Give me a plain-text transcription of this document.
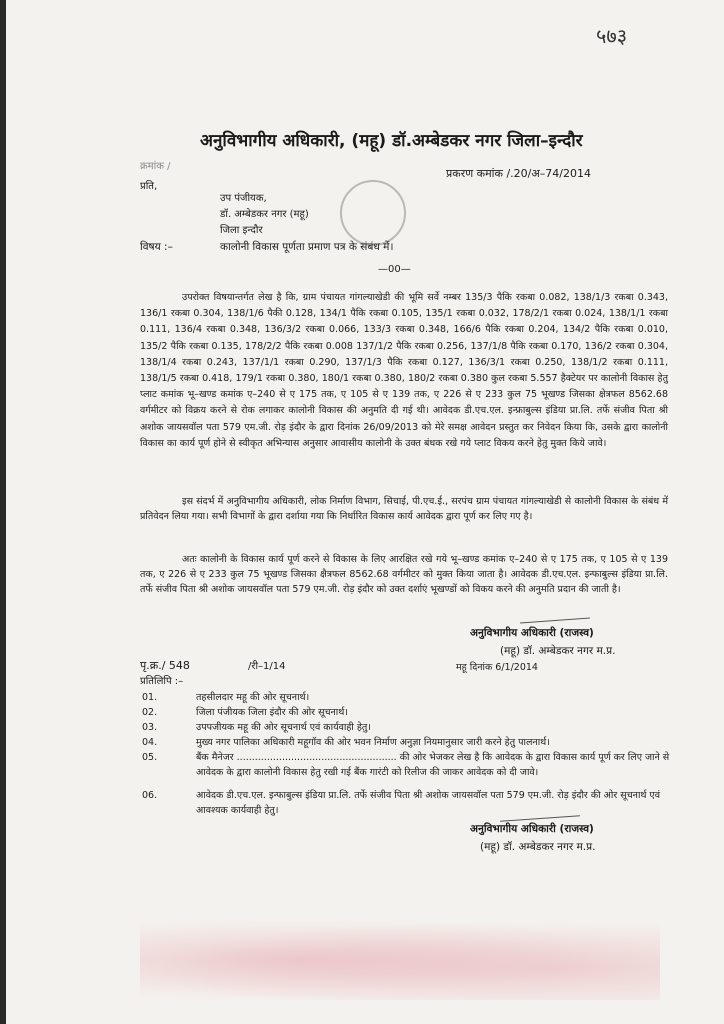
५७३
अनुविभागीय अधिकारी, (महू) डॉ.अम्बेडकर नगर जिला–इन्दौर
क्रमांक /
प्रकरण कमांक /.20/अ–74/2014
प्रति,
उप पंजीयक,
डॉ. अम्बेडकर नगर (महू)
जिला इन्दौर
विषय :–	कालोनी विकास पूर्णता प्रमाण पत्र के संबंध में।
—00—
उपरोक्त विषयान्तर्गत लेख है कि, ग्राम पंचायत गांगल्याखेडी की भूमि सर्वे नम्बर 135/3 पैकि रकबा 0.082, 138/1/3 रकबा 0.343, 136/1 रकबा 0.304, 138/1/6 पैकी 0.128, 134/1 पैकि रकबा 0.105, 135/1 रकबा 0.032, 178/2/1 रकबा 0.024, 138/1/1 रकबा 0.111, 136/4 रकबा 0.348, 136/3/2 रकबा 0.066, 133/3 रकबा 0.348, 166/6 पैकि रकबा 0.204, 134/2 पैकि रकबा 0.010, 135/2 पैकि रकबा 0.135, 178/2/2 पैकि रकबा 0.008 137/1/2 पैकि रकबा 0.256, 137/1/8 पैकि रकबा 0.170, 136/2 रकबा 0.304, 138/1/4 रकबा 0.243, 137/1/1 रकबा 0.290, 137/1/3 पैकि रकबा 0.127, 136/3/1 रकबा 0.250, 138/1/2 रकबा 0.111, 138/1/5 रकबा 0.418, 179/1 रकबा 0.380, 180/1 रकबा 0.380, 180/2 रकबा 0.380 कुल रकबा 5.557 हैक्टेयर पर कालोनी विकास हेतु प्लाट कमांक भू–खण्ड कमांक ए–240 से ए 175 तक, ए 105 से ए 139 तक, ए 226 से ए 233 कुल 75 भूखण्ड जिसका क्षेत्रफल 8562.68 वर्गमीटर को विक्रय करने से रोक लगाकर कालोनी विकास की अनुमति दी गई थी। आवेदक डी.एच.एल. इन्फ्राबुल्स इंडिया प्रा.लि. तर्फे संजीव पिता श्री अशोक जायसवॉल पता 579 एम.जी. रोड़ इंदौर के द्वारा दिनांक 26/09/2013 को मेरे समक्ष आवेदन प्रस्तुत कर निवेदन किया कि, उसके द्वारा कालोनी विकास का कार्य पूर्ण होने से स्वीकृत अभिन्यास अनुसार आवासीय कालोनी के उक्त बंधक रखे गये प्लाट विकय करने हेतु मुक्त किये जावे।
इस संदर्भ में अनुविभागीय अधिकारी, लोक निर्माण विभाग, सिचाई, पी.एच.ई., सरपंच ग्राम पंचायत गांगल्याखेडी से कालोनी विकास के संबंध में प्रतिवेदन लिया गया। सभी विभागों के द्वारा दर्शाया गया कि निर्धारित विकास कार्य आवेदक द्वारा पूर्ण कर लिए गए है।
अतः कालोनी के विकास कार्य पूर्ण करने से विकास के लिए आरक्षित रखे गये भू–खण्ड कमांक ए–240 से ए 175 तक, ए 105 से ए 139 तक, ए 226 से ए 233 कुल 75 भूखण्ड जिसका क्षैत्रफल 8562.68 वर्गमीटर को मुक्त किया जाता है। आवेदक डी.एच.एल. इन्फाबुल्स इंडिया प्रा.लि. तर्फे संजीव पिता श्री अशोक जायसवॉल पता 579 एम.जी. रोड़ इंदौर को उक्त दर्शाएं भूखण्डों को विकय करने की अनुमति प्रदान की जाती है।
अनुविभागीय अधिकारी (राजस्व)
(महू) डॉ. अम्बेडकर नगर म.प्र.
महू दिनांक 6/1/2014
पृ.क्र./ 548	/री–1/14
प्रतिलिपि :–
01.	तहसीलदार महू की ओर सूचनार्थ।
02.	जिला पंजीयक जिला इंदौर की ओर सूचनार्थ।
03.	उपपजीयक महू की ओर सूचनार्थ एवं कार्यवाही हेतु।
04.	मुख्य नगर पालिका अधिकारी महूगॉव की ओर भवन निर्माण अनुज्ञा नियमानुसार जारी करने हेतु पालनार्थ।
05.	बैंक मैनेजर ..................................................... की ओर भेजकर लेख है कि आवेदक के द्वारा विकास कार्य पूर्ण कर लिए जाने से आवेदक के द्वारा कालोनी विकास हेतु रखी गई बैंक गारंटी को रिलीज की जाकर आवेदक को दी जावे।
06.	आवेदक डी.एच.एल. इन्फाबुल्स इंडिया प्रा.लि. तर्फे संजीव पिता श्री अशोक जायसवॉल पता 579 एम.जी. रोड़ इंदौर की ओर सूचनार्थ एवं आवश्यक कार्यवाही हेतु।
अनुविभागीय अधिकारी (राजस्व)
(महू) डॉ. अम्बेडकर नगर म.प्र.
